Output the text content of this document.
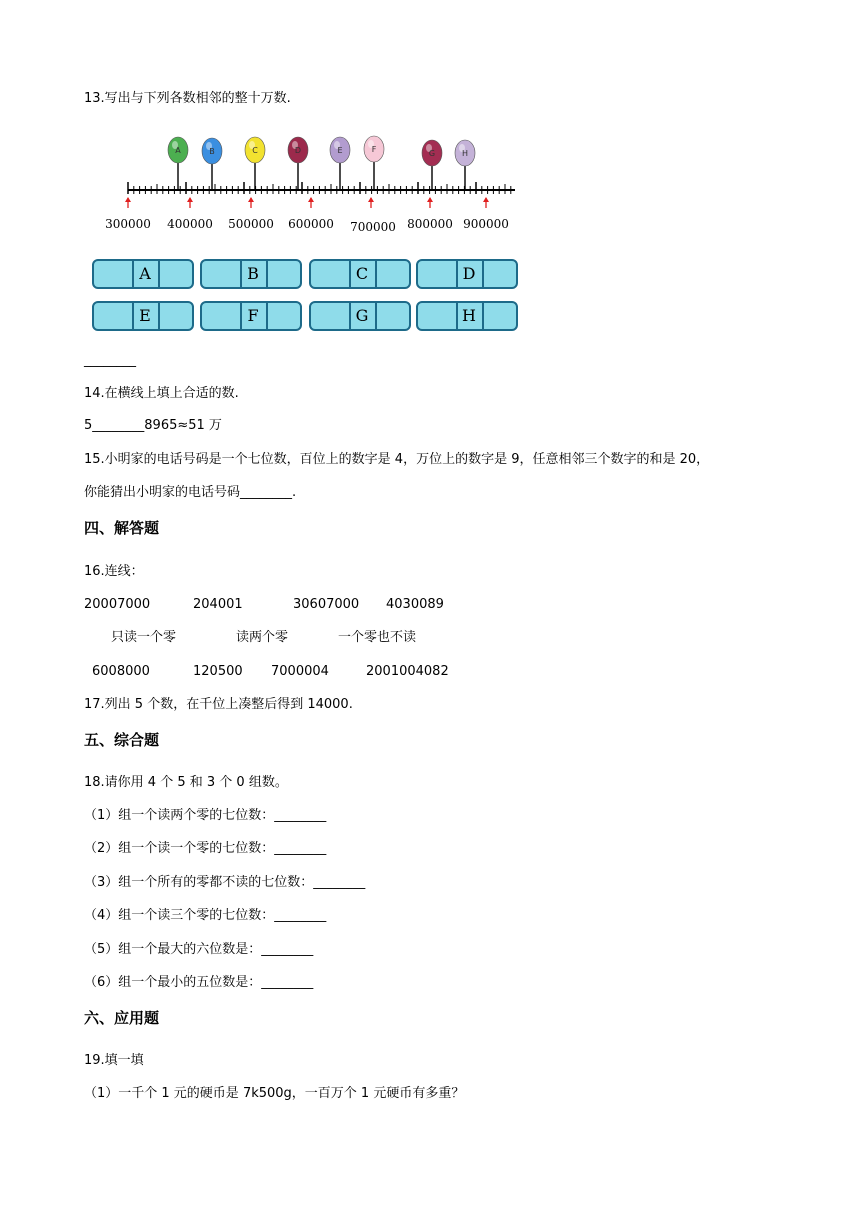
13.写出与下列各数相邻的整十万数.
300000 400000 500000 600000 700000 800000 900000
A	B	C	D	E	F	G	H
A	B	C	D
E	F	G	H
________
14.在横线上填上合适的数.
5________8965≈51 万
15.小明家的电话号码是一个七位数，百位上的数字是 4，万位上的数字是 9，任意相邻三个数字的和是 20，
你能猜出小明家的电话号码________.
四、解答题
16.连线：
20007000	204001	30607000 4030089
只读一个零	读两个零	一个零也不读
6008000	120500 7000004	2001004082
17.列出 5 个数，在千位上凑整后得到 14000.
五、综合题
18.请你用 4 个 5 和 3 个 0 组数。
（1）组一个读两个零的七位数：________
（2）组一个读一个零的七位数：________
（3）组一个所有的零都不读的七位数：________
（4）组一个读三个零的七位数：________
（5）组一个最大的六位数是：________
（6）组一个最小的五位数是：________
六、应用题
19.填一填
（1）一千个 1 元的硬币是 7k500g，一百万个 1 元硬币有多重？
